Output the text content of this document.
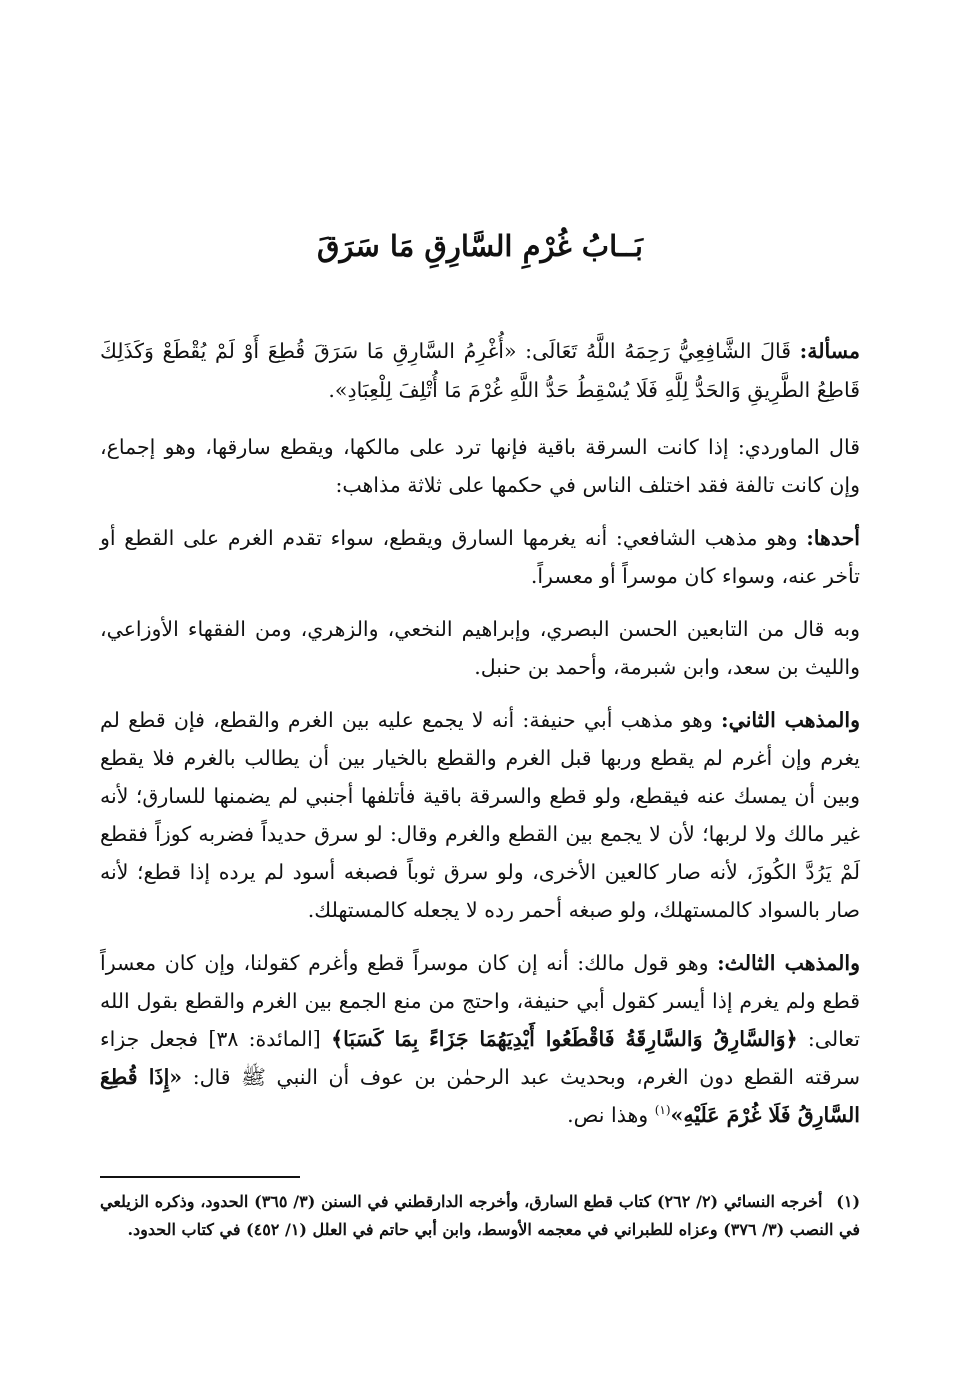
بَــابُ غُرْمِ السَّارِقِ مَا سَرَقَ

مسألة: قَالَ الشَّافِعِيُّ رَحِمَهُ اللَّهُ تَعَالَى: «أُغْرِمُ السَّارِقِ مَا سَرَقَ قُطِعَ أَوْ لَمْ يُقْطَعْ وَكَذَلِكَ قَاطِعُ الطَّرِيقِ وَالحَدُّ لِلَّهِ فَلَا يُسْقِطُ حَدُّ اللَّهِ غُرْمَ مَا أُتْلِفَ لِلْعِبَادِ».

قال الماوردي: إذا كانت السرقة باقية فإنها ترد على مالكها، ويقطع سارقها، وهو إجماع، وإن كانت تالفة فقد اختلف الناس في حكمها على ثلاثة مذاهب:

أحدها: وهو مذهب الشافعي: أنه يغرمها السارق ويقطع، سواء تقدم الغرم على القطع أو تأخر عنه، وسواء كان موسراً أو معسراً.

وبه قال من التابعين الحسن البصري، وإبراهيم النخعي، والزهري، ومن الفقهاء الأوزاعي، والليث بن سعد، وابن شبرمة، وأحمد بن حنبل.

والمذهب الثاني: وهو مذهب أبي حنيفة: أنه لا يجمع عليه بين الغرم والقطع، فإن قطع لم يغرم وإن أغرم لم يقطع وربها قبل الغرم والقطع بالخيار بين أن يطالب بالغرم فلا يقطع وبين أن يمسك عنه فيقطع، ولو قطع والسرقة باقية فأتلفها أجنبي لم يضمنها للسارق؛ لأنه غير مالك ولا لربها؛ لأن لا يجمع بين القطع والغرم وقال: لو سرق حديداً فضربه كوزاً فقطع لَمْ يَرُدَّ الكُوزَ، لأنه صار كالعين الأخرى، ولو سرق ثوباً فصبغه أسود لم يرده إذا قطع؛ لأنه صار بالسواد كالمستهلك، ولو صبغه أحمر رده لا يجعله كالمستهلك.

والمذهب الثالث: وهو قول مالك: أنه إن كان موسراً قطع وأغرم كقولنا، وإن كان معسراً قطع ولم يغرم إذا أيسر كقول أبي حنيفة، واحتج من منع الجمع بين الغرم والقطع بقول الله تعالى: ﴿وَالسَّارِقُ وَالسَّارِقَةُ فَاقْطَعُوا أَيْدِيَهُمَا جَزَاءً بِمَا كَسَبَا﴾ [المائدة: ٣٨] فجعل جزاء سرقته القطع دون الغرم، وبحديث عبد الرحمٰن بن عوف أن النبي ﷺ قال: «إِذَا قُطِعَ السَّارِقُ فَلَا غُرْمَ عَلَيْهِ»$^{(١)}$ وهذا نص.

(١) أخرجه النسائي (٢/ ٢٦٢) كتاب قطع السارق، وأخرجه الدارقطني في السنن (٣/ ٣٦٥) الحدود، وذكره الزيلعي في النصب (٣/ ٣٧٦) وعزاه للطبراني في معجمه الأوسط، وابن أبي حاتم في العلل (١/ ٤٥٢) في كتاب الحدود.
